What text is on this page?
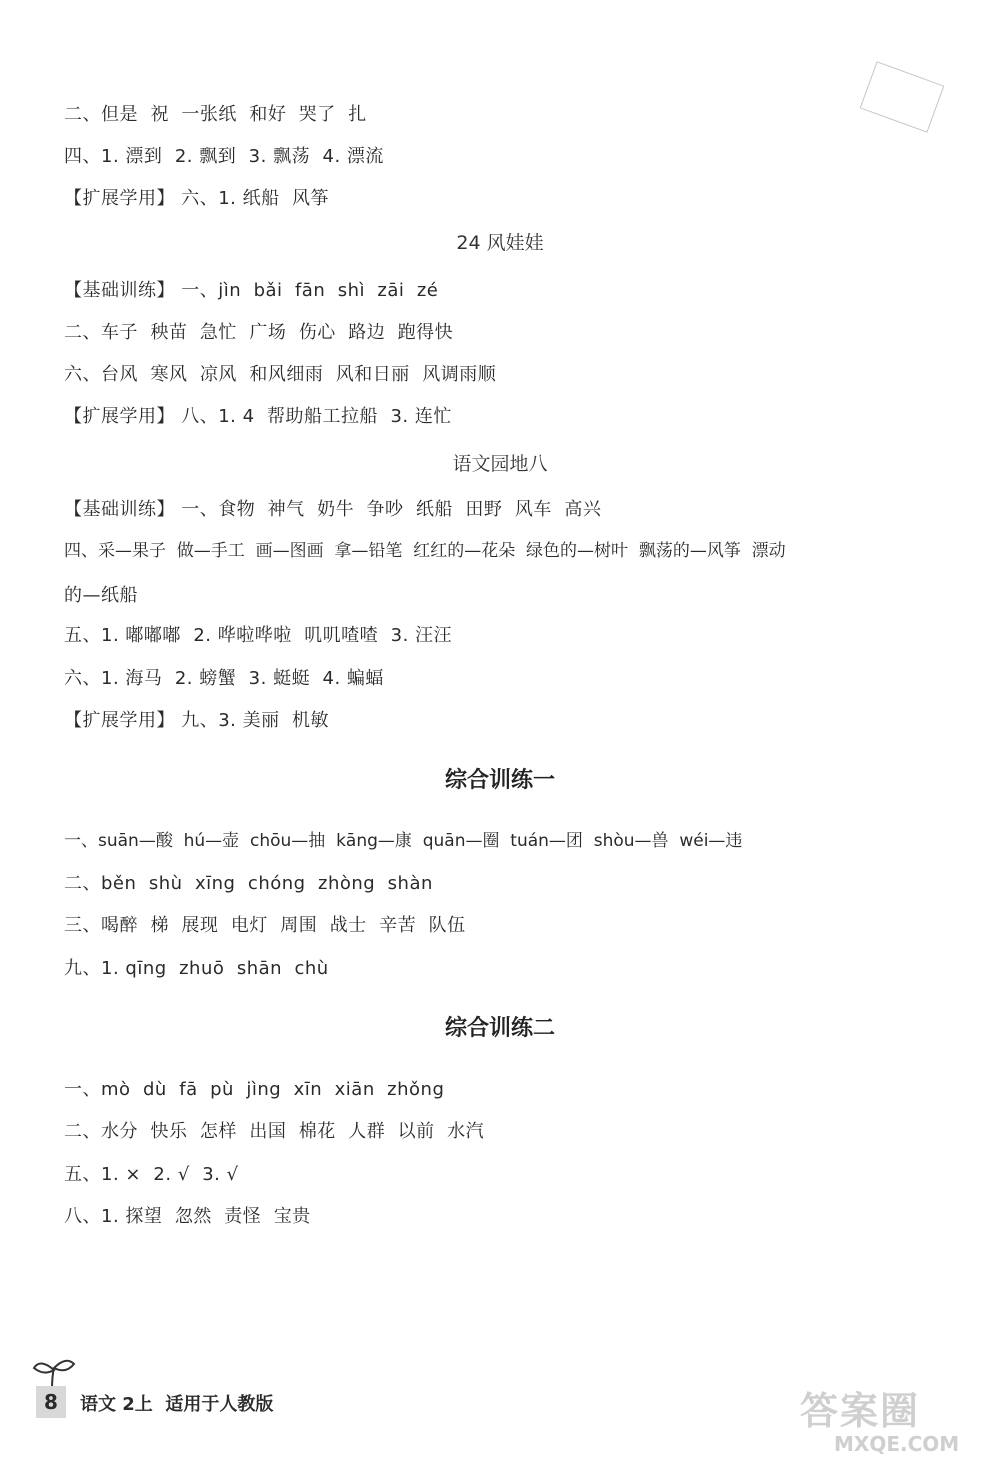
二、但是  祝  一张纸  和好  哭了  扎
四、1. 漂到  2. 飘到  3. 飘荡  4. 漂流
【扩展学用】 六、1. 纸船  风筝
24 风娃娃
【基础训练】 一、jìn  bǎi  fān  shì  zāi  zé
二、车子  秧苗  急忙  广场  伤心  路边  跑得快
六、台风  寒风  凉风  和风细雨  风和日丽  风调雨顺
【扩展学用】 八、1. 4  帮助船工拉船  3. 连忙
语文园地八
【基础训练】 一、食物  神气  奶牛  争吵  纸船  田野  风车  高兴
四、采—果子  做—手工  画—图画  拿—铅笔  红红的—花朵  绿色的—树叶  飘荡的—风筝  漂动
的—纸船
五、1. 嘟嘟嘟  2. 哗啦哗啦  叽叽喳喳  3. 汪汪
六、1. 海马  2. 螃蟹  3. 蜓蜓  4. 蝙蝠
【扩展学用】 九、3. 美丽  机敏
综合训练一
一、suān—酸  hú—壶  chōu—抽  kāng—康  quān—圈  tuán—团  shòu—兽  wéi—违
二、běn  shù  xīng  chóng  zhòng  shàn
三、喝醉  梯  展现  电灯  周围  战士  辛苦  队伍
九、1. qīng  zhuō  shān  chù
综合训练二
一、mò  dù  fā  pù  jìng  xīn  xiān  zhǒng
二、水分  快乐  怎样  出国  棉花  人群  以前  水汽
五、1. ×  2. √  3. √
八、1. 探望  忽然  责怪  宝贵
8	语文 2上  适用于人教版	答案圈
MXQE.COM
